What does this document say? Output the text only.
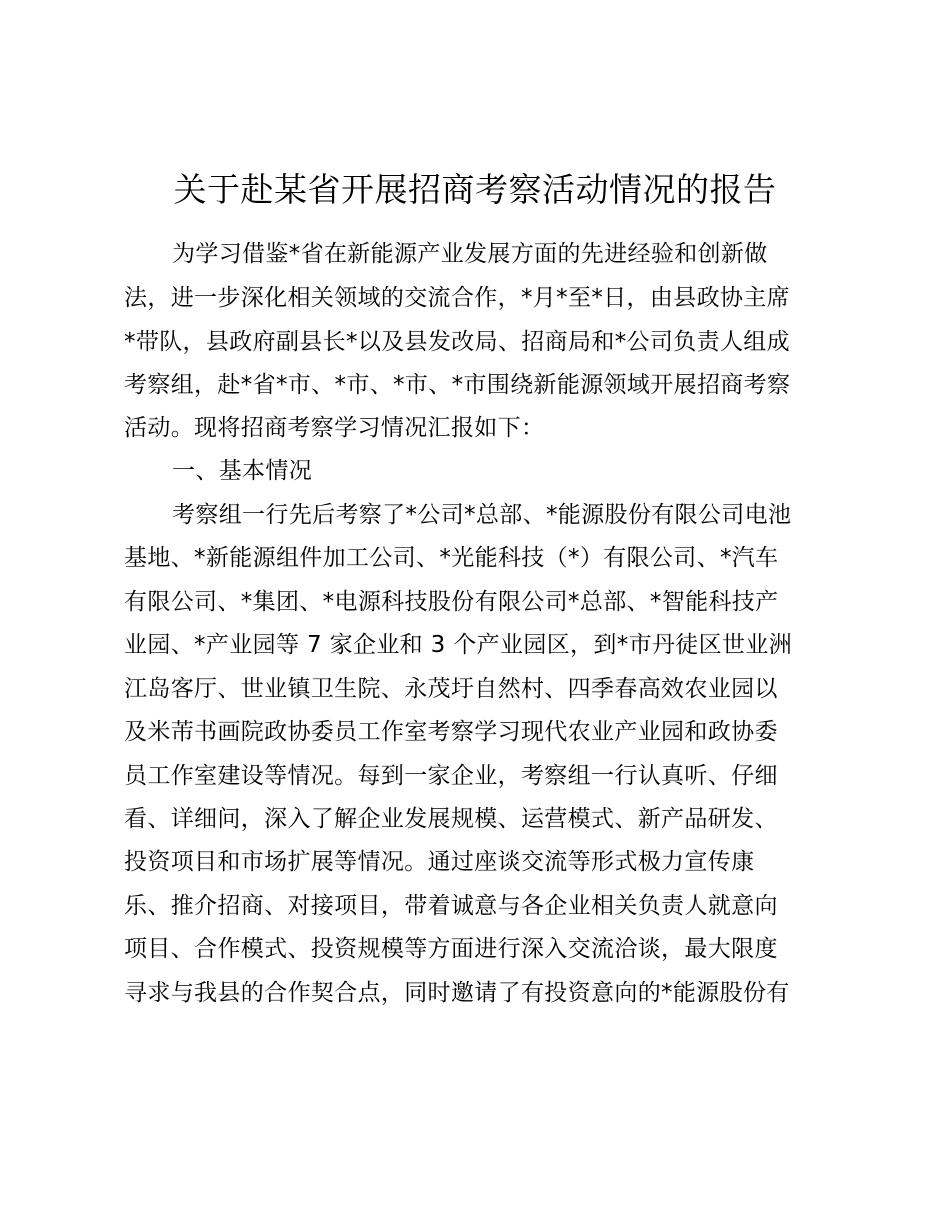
关于赴某省开展招商考察活动情况的报告
为学习借鉴*省在新能源产业发展方面的先进经验和创新做
法，进一步深化相关领域的交流合作，*月*至*日，由县政协主席
*带队，县政府副县长*以及县发改局、招商局和*公司负责人组成
考察组，赴*省*市、*市、*市、*市围绕新能源领域开展招商考察
活动。现将招商考察学习情况汇报如下：
一、基本情况
考察组一行先后考察了*公司*总部、*能源股份有限公司电池
基地、*新能源组件加工公司、*光能科技（*）有限公司、*汽车
有限公司、*集团、*电源科技股份有限公司*总部、*智能科技产
业园、*产业园等 7 家企业和 3 个产业园区，到*市丹徒区世业洲
江岛客厅、世业镇卫生院、永茂圩自然村、四季春高效农业园以
及米芾书画院政协委员工作室考察学习现代农业产业园和政协委
员工作室建设等情况。每到一家企业，考察组一行认真听、仔细
看、详细问，深入了解企业发展规模、运营模式、新产品研发、
投资项目和市场扩展等情况。通过座谈交流等形式极力宣传康
乐、推介招商、对接项目，带着诚意与各企业相关负责人就意向
项目、合作模式、投资规模等方面进行深入交流洽谈，最大限度
寻求与我县的合作契合点，同时邀请了有投资意向的*能源股份有
